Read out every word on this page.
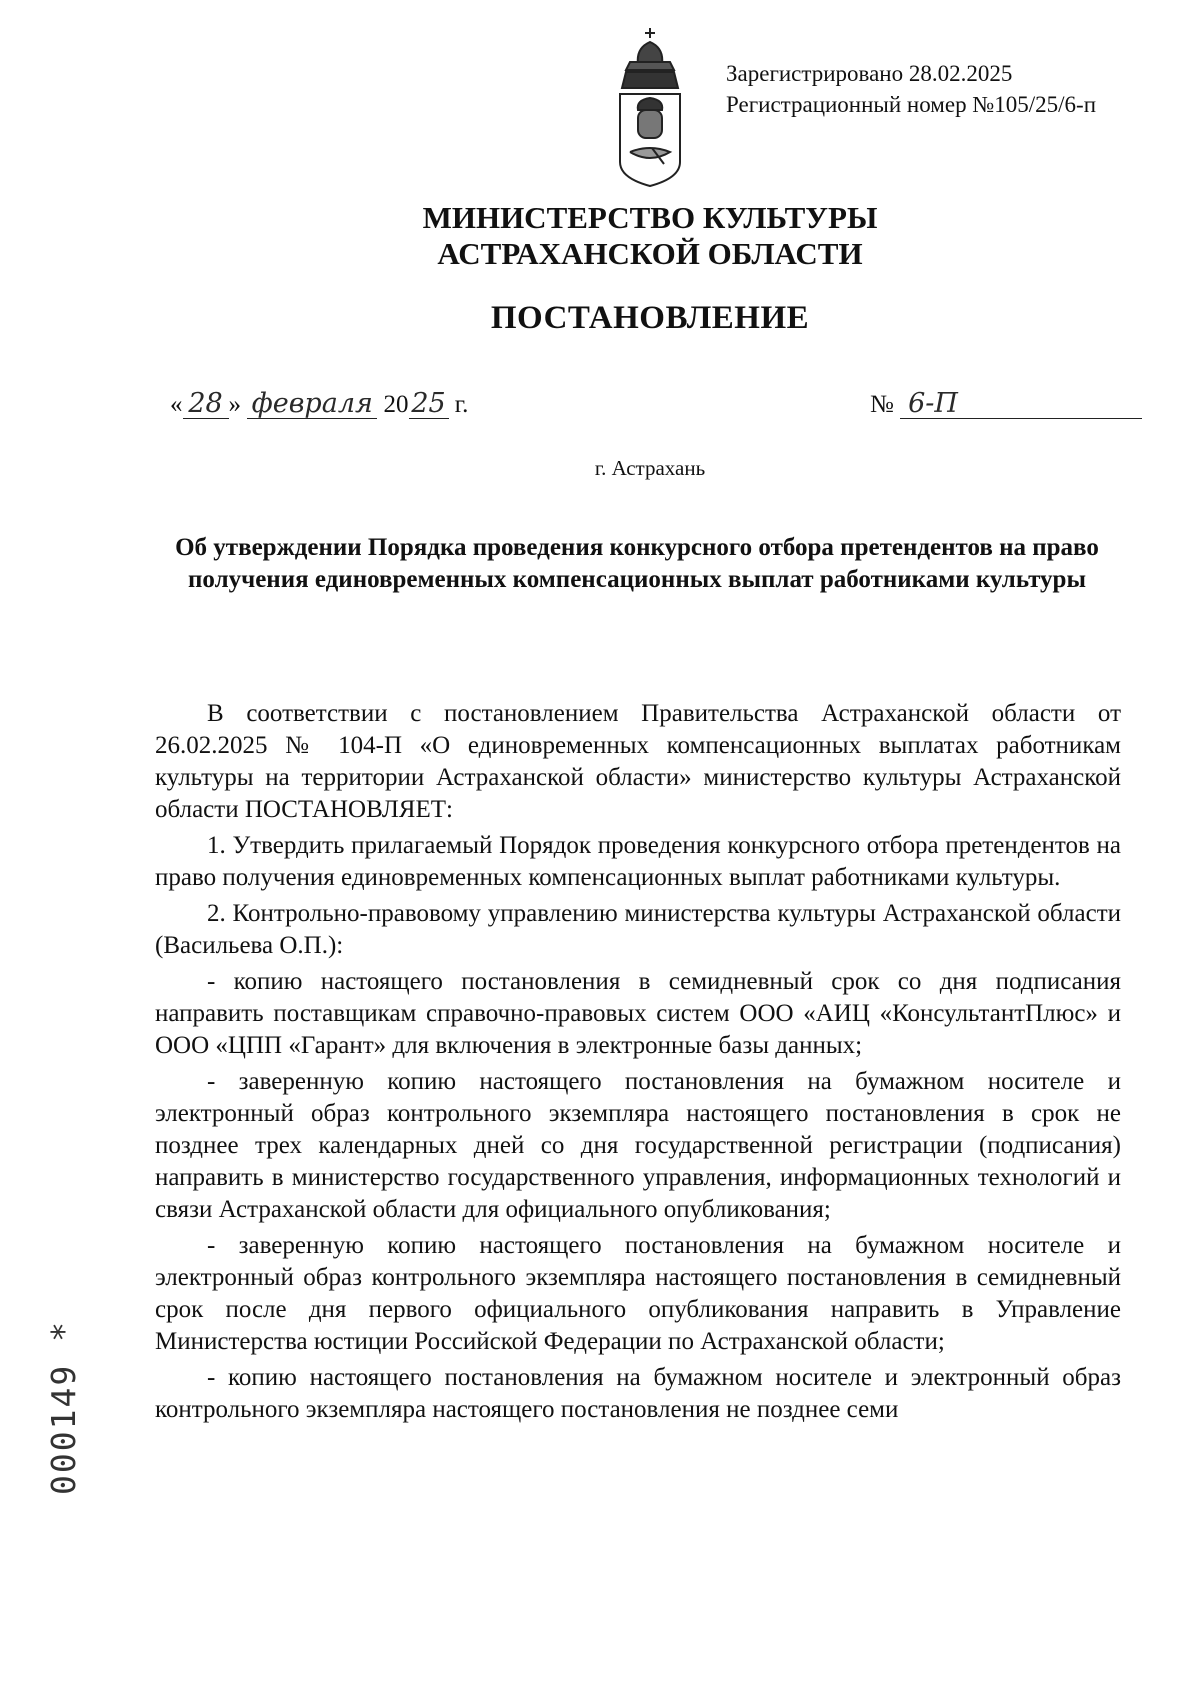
Зарегистрировано 28.02.2025
Регистрационный номер №105/25/6-п
МИНИСТЕРСТВО КУЛЬТУРЫ
АСТРАХАНСКОЙ ОБЛАСТИ
ПОСТАНОВЛЕНИЕ
« 28 » февраля 20 25 г.	№ 6-П
г. Астрахань
Об утверждении Порядка проведения конкурсного отбора претендентов на право получения единовременных компенсационных выплат работниками культуры

В соответствии с постановлением Правительства Астраханской области от 26.02.2025 № 104-П «О единовременных компенсационных выплатах работникам культуры на территории Астраханской области» министерство культуры Астраханской области ПОСТАНОВЛЯЕТ:

1. Утвердить прилагаемый Порядок проведения конкурсного отбора претендентов на право получения единовременных компенсационных выплат работниками культуры.

2. Контрольно-правовому управлению министерства культуры Астраханской области (Васильева О.П.):

- копию настоящего постановления в семидневный срок со дня подписания направить поставщикам справочно-правовых систем ООО «АИЦ «КонсультантПлюс» и ООО «ЦПП «Гарант» для включения в электронные базы данных;

- заверенную копию настоящего постановления на бумажном носителе и электронный образ контрольного экземпляра настоящего постановления в срок не позднее трех календарных дней со дня государственной регистрации (подписания) направить в министерство государственного управления, информационных технологий и связи Астраханской области для официального опубликования;

- заверенную копию настоящего постановления на бумажном носителе и электронный образ контрольного экземпляра настоящего постановления в семидневный срок после дня первого официального опубликования направить в Управление Министерства юстиции Российской Федерации по Астраханской области;

- копию настоящего постановления на бумажном носителе и электронный образ контрольного экземпляра настоящего постановления не позднее семи

000149 *
